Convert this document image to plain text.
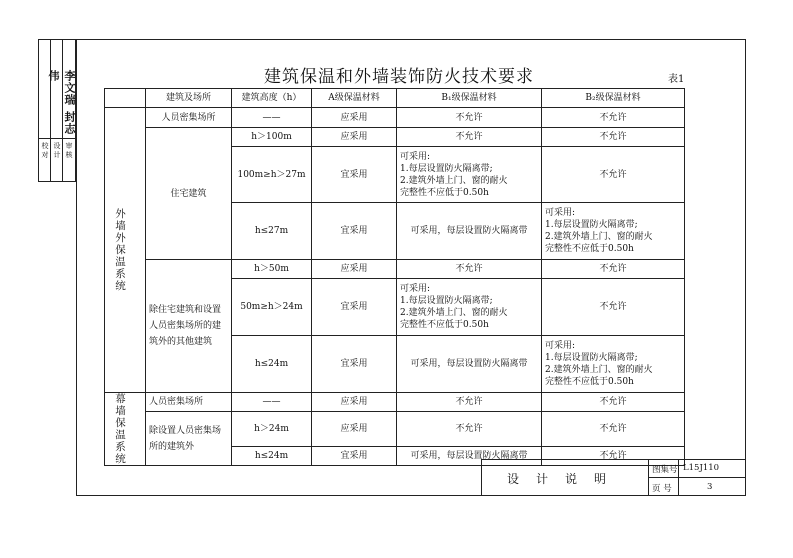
校对 设计 审核
李文瑞 封志伟	建筑保温和外墙装饰防火技术要求	表1
	建筑及场所	建筑高度（h）	A级保温材料	B₁级保温材料	B₂级保温材料
外墙外保温系统	人员密集场所	——	应采用	不允许	不允许
	住宅建筑	h＞100m	应采用	不允许	不允许
		100m≥h＞27m	宜采用	可采用:
1.每层设置防火隔离带;
2.建筑外墙上门、窗的耐火
完整性不应低于0.50h	不允许
		h≤27m	宜采用	可采用，每层设置防火隔离带	可采用:
1.每层设置防火隔离带;
2.建筑外墙上门、窗的耐火
完整性不应低于0.50h
	除住宅建筑和设置人员密集场所的建筑外的其他建筑	h＞50m	应采用	不允许	不允许
		50m≥h＞24m	宜采用	可采用:
1.每层设置防火隔离带;
2.建筑外墙上门、窗的耐火
完整性不应低于0.50h	不允许
		h≤24m	宜采用	可采用，每层设置防火隔离带	可采用:
1.每层设置防火隔离带;
2.建筑外墙上门、窗的耐火
完整性不应低于0.50h
幕墙保温系统	人员密集场所	——	应采用	不允许	不允许
	除设置人员密集场所的建筑外	h＞24m	应采用	不允许	不允许
		h≤24m	宜采用	可采用，每层设置防火隔离带	不允许
设计说明
图集号 L15J110
页 号	3
